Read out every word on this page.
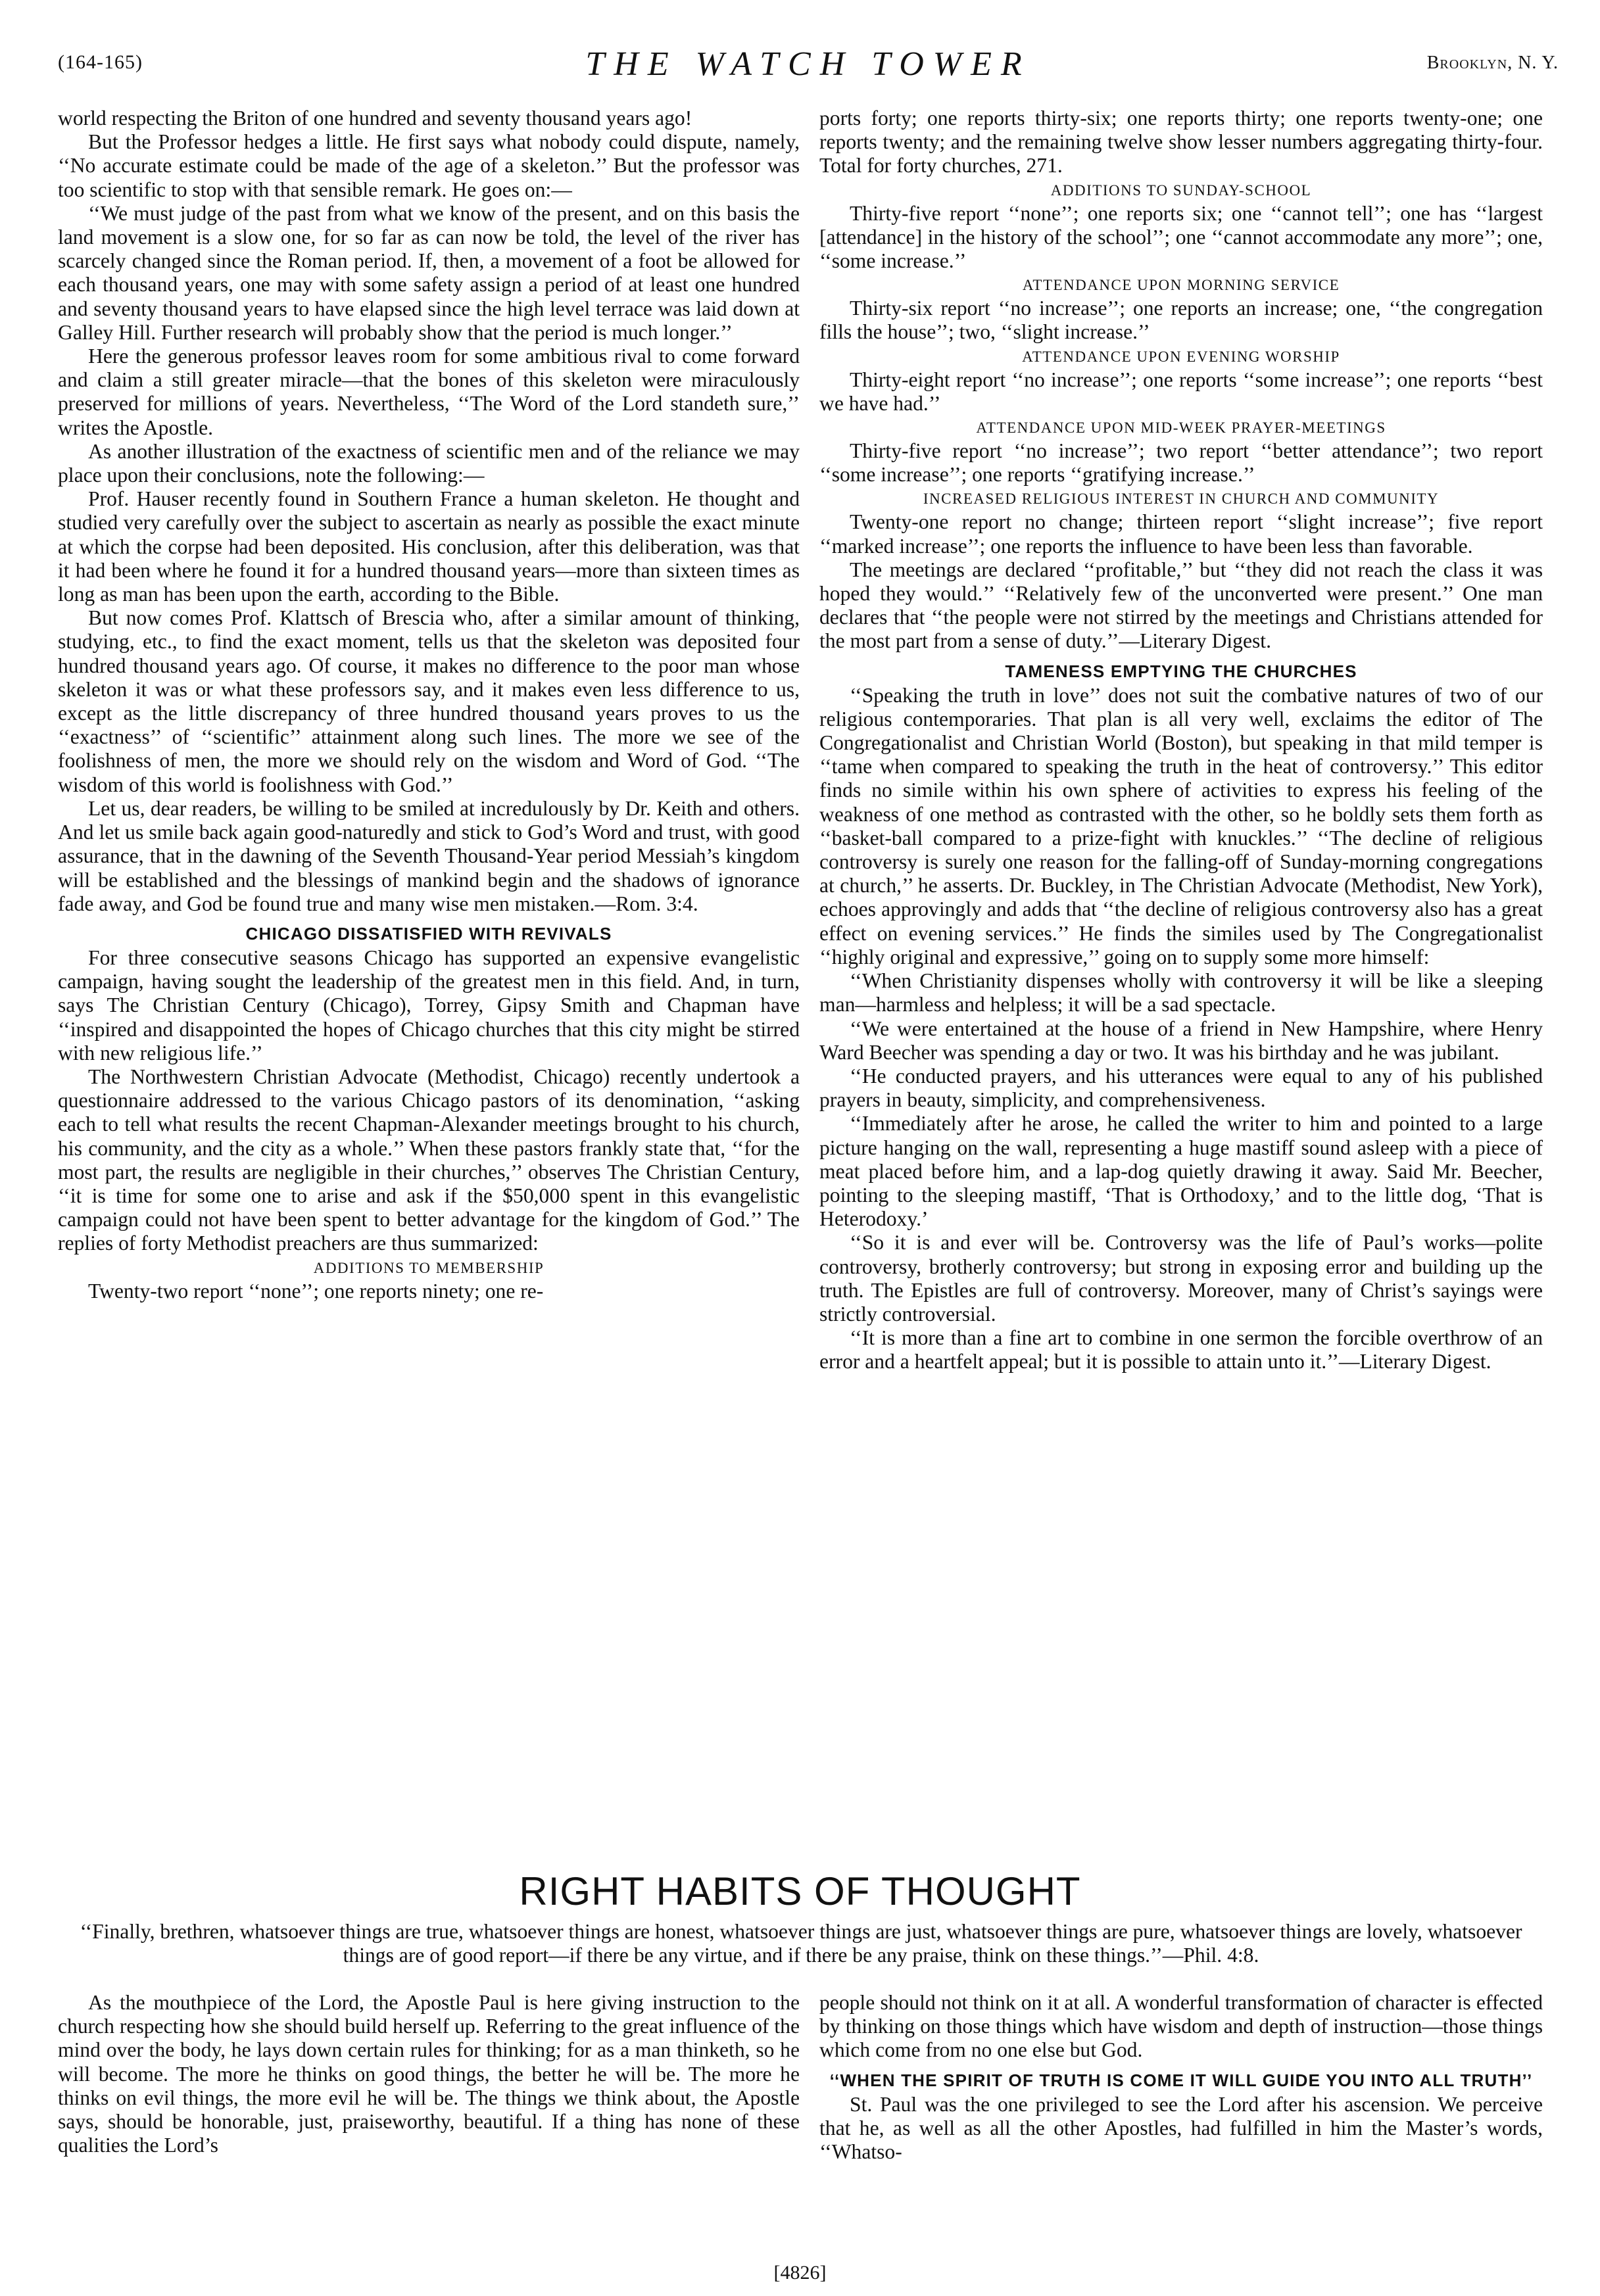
(164-165)	THE WATCH TOWER	Brooklyn, N. Y.

world respecting the Briton of one hundred and seventy thousand years ago!

But the Professor hedges a little. He first says what nobody could dispute, namely, ‘‘No accurate estimate could be made of the age of a skeleton.’’ But the professor was too scientific to stop with that sensible remark. He goes on:—

‘‘We must judge of the past from what we know of the present, and on this basis the land movement is a slow one, for so far as can now be told, the level of the river has scarcely changed since the Roman period. If, then, a movement of a foot be allowed for each thousand years, one may with some safety assign a period of at least one hundred and seventy thousand years to have elapsed since the high level terrace was laid down at Galley Hill. Further research will probably show that the period is much longer.’’

Here the generous professor leaves room for some ambitious rival to come forward and claim a still greater miracle—that the bones of this skeleton were miraculously preserved for millions of years. Nevertheless, ‘‘The Word of the Lord standeth sure,’’ writes the Apostle.

As another illustration of the exactness of scientific men and of the reliance we may place upon their conclusions, note the following:—

Prof. Hauser recently found in Southern France a human skeleton. He thought and studied very carefully over the subject to ascertain as nearly as possible the exact minute at which the corpse had been deposited. His conclusion, after this deliberation, was that it had been where he found it for a hundred thousand years—more than sixteen times as long as man has been upon the earth, according to the Bible.

But now comes Prof. Klattsch of Brescia who, after a similar amount of thinking, studying, etc., to find the exact moment, tells us that the skeleton was deposited four hundred thousand years ago. Of course, it makes no difference to the poor man whose skeleton it was or what these professors say, and it makes even less difference to us, except as the little discrepancy of three hundred thousand years proves to us the ‘‘exactness’’ of ‘‘scientific’’ attainment along such lines. The more we see of the foolishness of men, the more we should rely on the wisdom and Word of God. ‘‘The wisdom of this world is foolishness with God.’’

Let us, dear readers, be willing to be smiled at incredulously by Dr. Keith and others. And let us smile back again good-naturedly and stick to God’s Word and trust, with good assurance, that in the dawning of the Seventh Thousand-Year period Messiah’s kingdom will be established and the blessings of mankind begin and the shadows of ignorance fade away, and God be found true and many wise men mistaken.—Rom. 3:4.

CHICAGO DISSATISFIED WITH REVIVALS

For three consecutive seasons Chicago has supported an expensive evangelistic campaign, having sought the leadership of the greatest men in this field. And, in turn, says The Christian Century (Chicago), Torrey, Gipsy Smith and Chapman have ‘‘inspired and disappointed the hopes of Chicago churches that this city might be stirred with new religious life.’’

The Northwestern Christian Advocate (Methodist, Chicago) recently undertook a questionnaire addressed to the various Chicago pastors of its denomination, ‘‘asking each to tell what results the recent Chapman-Alexander meetings brought to his church, his community, and the city as a whole.’’ When these pastors frankly state that, ‘‘for the most part, the results are negligible in their churches,’’ observes The Christian Century, ‘‘it is time for some one to arise and ask if the $50,000 spent in this evangelistic campaign could not have been spent to better advantage for the kingdom of God.’’ The replies of forty Methodist preachers are thus summarized:

ADDITIONS TO MEMBERSHIP

Twenty-two report ‘‘none’’; one reports ninety; one re-

ports forty; one reports thirty-six; one reports thirty; one reports twenty-one; one reports twenty; and the remaining twelve show lesser numbers aggregating thirty-four. Total for forty churches, 271.

ADDITIONS TO SUNDAY-SCHOOL

Thirty-five report ‘‘none’’; one reports six; one ‘‘cannot tell’’; one has ‘‘largest [attendance] in the history of the school’’; one ‘‘cannot accommodate any more’’; one, ‘‘some increase.’’

ATTENDANCE UPON MORNING SERVICE

Thirty-six report ‘‘no increase’’; one reports an increase; one, ‘‘the congregation fills the house’’; two, ‘‘slight increase.’’

ATTENDANCE UPON EVENING WORSHIP

Thirty-eight report ‘‘no increase’’; one reports ‘‘some increase’’; one reports ‘‘best we have had.’’

ATTENDANCE UPON MID-WEEK PRAYER-MEETINGS

Thirty-five report ‘‘no increase’’; two report ‘‘better attendance’’; two report ‘‘some increase’’; one reports ‘‘gratifying increase.’’

INCREASED RELIGIOUS INTEREST IN CHURCH AND COMMUNITY

Twenty-one report no change; thirteen report ‘‘slight increase’’; five report ‘‘marked increase’’; one reports the influence to have been less than favorable.

The meetings are declared ‘‘profitable,’’ but ‘‘they did not reach the class it was hoped they would.’’ ‘‘Relatively few of the unconverted were present.’’ One man declares that ‘‘the people were not stirred by the meetings and Christians attended for the most part from a sense of duty.’’—Literary Digest.

TAMENESS EMPTYING THE CHURCHES

‘‘Speaking the truth in love’’ does not suit the combative natures of two of our religious contemporaries. That plan is all very well, exclaims the editor of The Congregationalist and Christian World (Boston), but speaking in that mild temper is ‘‘tame when compared to speaking the truth in the heat of controversy.’’ This editor finds no simile within his own sphere of activities to express his feeling of the weakness of one method as contrasted with the other, so he boldly sets them forth as ‘‘basket-ball compared to a prize-fight with knuckles.’’ ‘‘The decline of religious controversy is surely one reason for the falling-off of Sunday-morning congregations at church,’’ he asserts. Dr. Buckley, in The Christian Advocate (Methodist, New York), echoes approvingly and adds that ‘‘the decline of religious controversy also has a great effect on evening services.’’ He finds the similes used by The Congregationalist ‘‘highly original and expressive,’’ going on to supply some more himself:

‘‘When Christianity dispenses wholly with controversy it will be like a sleeping man—harmless and helpless; it will be a sad spectacle.

‘‘We were entertained at the house of a friend in New Hampshire, where Henry Ward Beecher was spending a day or two. It was his birthday and he was jubilant.

‘‘He conducted prayers, and his utterances were equal to any of his published prayers in beauty, simplicity, and comprehensiveness.

‘‘Immediately after he arose, he called the writer to him and pointed to a large picture hanging on the wall, representing a huge mastiff sound asleep with a piece of meat placed before him, and a lap-dog quietly drawing it away. Said Mr. Beecher, pointing to the sleeping mastiff, ‘That is Orthodoxy,’ and to the little dog, ‘That is Heterodoxy.’

‘‘So it is and ever will be. Controversy was the life of Paul’s works—polite controversy, brotherly controversy; but strong in exposing error and building up the truth. The Epistles are full of controversy. Moreover, many of Christ’s sayings were strictly controversial.

‘‘It is more than a fine art to combine in one sermon the forcible overthrow of an error and a heartfelt appeal; but it is possible to attain unto it.’’—Literary Digest.

RIGHT HABITS OF THOUGHT
‘‘Finally, brethren, whatsoever things are true, whatsoever things are honest, whatsoever things are just, whatsoever things are pure, whatsoever things are lovely, whatsoever things are of good report—if there be any virtue, and if there be any praise, think on these things.’’—Phil. 4:8.

As the mouthpiece of the Lord, the Apostle Paul is here giving instruction to the church respecting how she should build herself up. Referring to the great influence of the mind over the body, he lays down certain rules for thinking; for as a man thinketh, so he will become. The more he thinks on good things, the better he will be. The more he thinks on evil things, the more evil he will be. The things we think about, the Apostle says, should be honorable, just, praiseworthy, beautiful. If a thing has none of these qualities the Lord’s

people should not think on it at all. A wonderful transformation of character is effected by thinking on those things which have wisdom and depth of instruction—those things which come from no one else but God.

‘‘WHEN THE SPIRIT OF TRUTH IS COME IT WILL GUIDE YOU INTO ALL TRUTH’’

St. Paul was the one privileged to see the Lord after his ascension. We perceive that he, as well as all the other Apostles, had fulfilled in him the Master’s words, ‘‘Whatso-

[4826]
